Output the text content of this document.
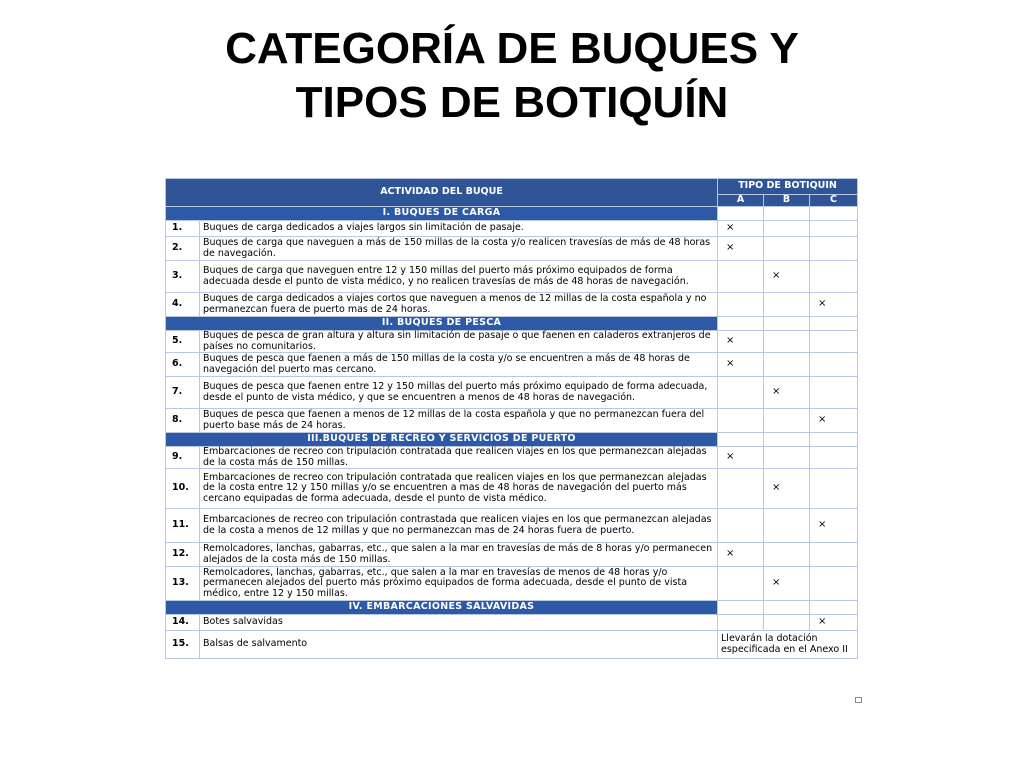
CATEGORÍA DE BUQUES Y
TIPOS DE BOTIQUÍN
ACTIVIDAD DEL BUQUE		TIPO DE BOTIQUIN		
		A	B	C
I. BUQUES DE CARGA				
1.	Buques de carga dedicados a viajes largos sin limitación de pasaje.	×		
2.	Buques de carga que naveguen a más de 150 millas de la costa y/o realicen travesías de más de 48 horas de navegación.	×		
3.	Buques de carga que naveguen entre 12 y 150 millas del puerto más próximo equipados de forma adecuada desde el punto de vista médico, y no realicen travesías de más de 48 horas de navegación.		×	
4.	Buques de carga dedicados a viajes cortos que naveguen a menos de 12 millas de la costa española y no permanezcan fuera de puerto mas de 24 horas.			×
II. BUQUES DE PESCA				
5.	Buques de pesca de gran altura y altura sin limitación de pasaje o que faenen en caladeros extranjeros de países no comunitarios.	×		
6.	Buques de pesca que faenen a más de 150 millas de la costa y/o se encuentren a más de 48 horas de navegación del puerto mas cercano.	×		
7.	Buques de pesca que faenen entre 12 y 150 millas del puerto más próximo equipado de forma adecuada, desde el punto de vista médico, y que se encuentren a menos de 48 horas de navegación.		×	
8.	Buques de pesca que faenen a menos de 12 millas de la costa española y que no permanezcan fuera del puerto base más de 24 horas.			×
III.BUQUES DE RECREO Y SERVICIOS DE PUERTO				
9.	Embarcaciones de recreo con tripulación contratada que realicen viajes en los que permanezcan alejadas de la costa más de 150 millas.	×		
10.	Embarcaciones de recreo con tripulación contratada que realicen viajes en los que permanezcan alejadas de la costa entre 12 y 150 millas y/o se encuentren a mas de 48 horas de navegación del puerto más cercano equipadas de forma adecuada, desde el punto de vista médico.		×	
11.	Embarcaciones de recreo con tripulación contrastada que realicen viajes en los que permanezcan alejadas de la costa a menos de 12 millas y que no permanezcan mas de 24 horas fuera de puerto.			×
12.	Remolcadores, lanchas, gabarras, etc., que salen a la mar en travesías de más de 8 horas y/o permanecen alejados de la costa más de 150 millas.	×		
13.	Remolcadores, lanchas, gabarras, etc., que salen a la mar en travesías de menos de 48 horas y/o permanecen alejados del puerto más próximo equipados de forma adecuada, desde el punto de vista médico, entre 12 y 150 millas.		×	
IV. EMBARCACIONES SALVAVIDAS				
14.	Botes salvavidas			×
15.	Balsas de salvamento	Llevarán la dotación especificada en el Anexo II		
